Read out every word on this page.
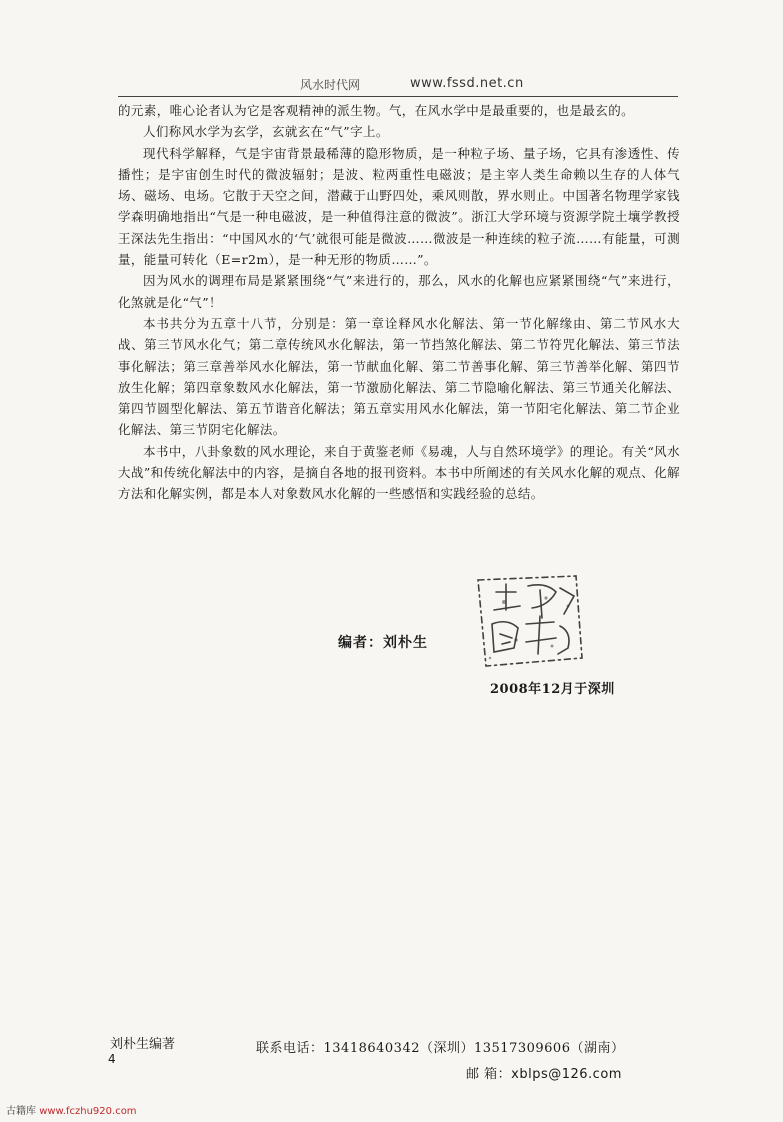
风水时代网	www.fssd.net.cn

的元素，唯心论者认为它是客观精神的派生物。气，在风水学中是最重要的，也是最玄的。

人们称风水学为玄学，玄就玄在“气”字上。

现代科学解释，气是宇宙背景最稀薄的隐形物质，是一种粒子场、量子场，它具有渗透性、传播性；是宇宙创生时代的微波辐射；是波、粒两重性电磁波；是主宰人类生命赖以生存的人体气场、磁场、电场。它散于天空之间，潜藏于山野四处，乘风则散，界水则止。中国著名物理学家钱学森明确地指出“气是一种电磁波，是一种值得注意的微波”。浙江大学环境与资源学院土壤学教授王深法先生指出：“中国风水的‘气’就很可能是微波……微波是一种连续的粒子流……有能量，可测量，能量可转化（E=r2m），是一种无形的物质……”。

因为风水的调理布局是紧紧围绕“气”来进行的，那么，风水的化解也应紧紧围绕“气”来进行，化煞就是化“气”！

本书共分为五章十八节，分别是：第一章诠释风水化解法、第一节化解缘由、第二节风水大战、第三节风水化气；第二章传统风水化解法，第一节挡煞化解法、第二节符咒化解法、第三节法事化解法；第三章善举风水化解法，第一节献血化解、第二节善事化解、第三节善举化解、第四节放生化解；第四章象数风水化解法，第一节激励化解法、第二节隐喻化解法、第三节通关化解法、第四节圆型化解法、第五节谐音化解法；第五章实用风水化解法，第一节阳宅化解法、第二节企业化解法、第三节阴宅化解法。

本书中，八卦象数的风水理论，来自于黄鉴老师《易魂，人与自然环境学》的理论。有关“风水大战”和传统化解法中的内容，是摘自各地的报刊资料。本书中所阐述的有关风水化解的观点、化解方法和化解实例，都是本人对象数风水化解的一些感悟和实践经验的总结。

编者：刘朴生
2008年12月于深圳
刘朴生编著
4
联系电话：13418640342（深圳）13517309606（湖南）
邮 箱：xblps@126.com
古籍库 www.fczhu920.com
